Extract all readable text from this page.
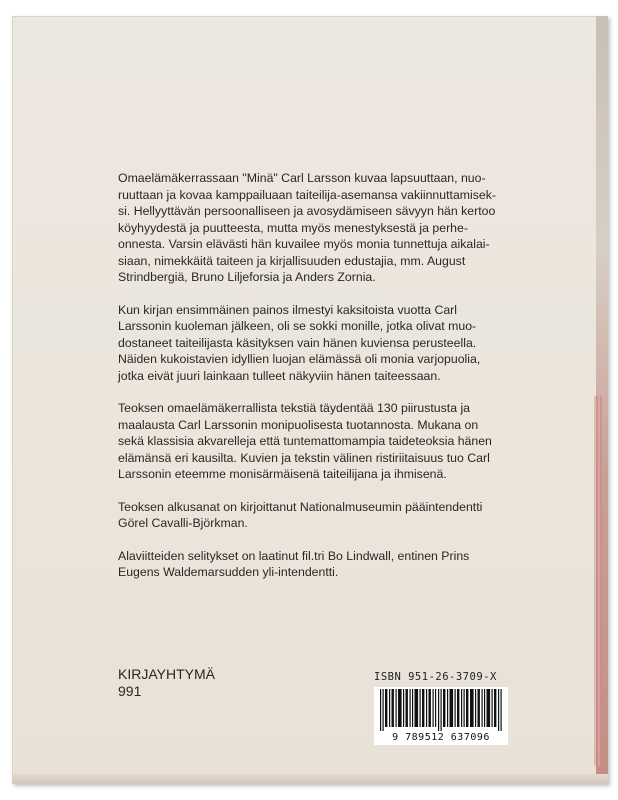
Omaelämäkerrassaan "Minä" Carl Larsson kuvaa lapsuuttaan, nuo-
ruuttaan ja kovaa kamppailuaan taiteilija-asemansa vakiinnuttamisek-
si. Hellyyttävän persoonalliseen ja avosydämiseen sävyyn hän kertoo
köyhyydestä ja puutteesta, mutta myös menestyksestä ja perhe-
onnesta. Varsin elävästi hän kuvailee myös monia tunnettuja aikalai-
siaan, nimekkäitä taiteen ja kirjallisuuden edustajia, mm. August
Strindbergiä, Bruno Liljeforsia ja Anders Zornia.

Kun kirjan ensimmäinen painos ilmestyi kaksitoista vuotta Carl
Larssonin kuoleman jälkeen, oli se sokki monille, jotka olivat muo-
dostaneet taiteilijasta käsityksen vain hänen kuviensa perusteella.
Näiden kukoistavien idyllien luojan elämässä oli monia varjopuolia,
jotka eivät juuri lainkaan tulleet näkyviin hänen taiteessaan.

Teoksen omaelämäkerrallista tekstiä täydentää 130 piirustusta ja
maalausta Carl Larssonin monipuolisesta tuotannosta. Mukana on
sekä klassisia akvarelleja että tuntemattomampia taideteoksia hänen
elämänsä eri kausilta. Kuvien ja tekstin välinen ristiriitaisuus tuo Carl
Larssonin eteemme monisärmäisenä taiteilijana ja ihmisenä.

Teoksen alkusanat on kirjoittanut Nationalmuseumin pääintendentti
Görel Cavalli-Björkman.

Alaviitteiden selitykset on laatinut fil.tri Bo Lindwall, entinen Prins
Eugens Waldemarsudden yli-intendentti.

KIRJAYHTYMÄ
991
ISBN 951-26-3709-X
9 789512 637096
